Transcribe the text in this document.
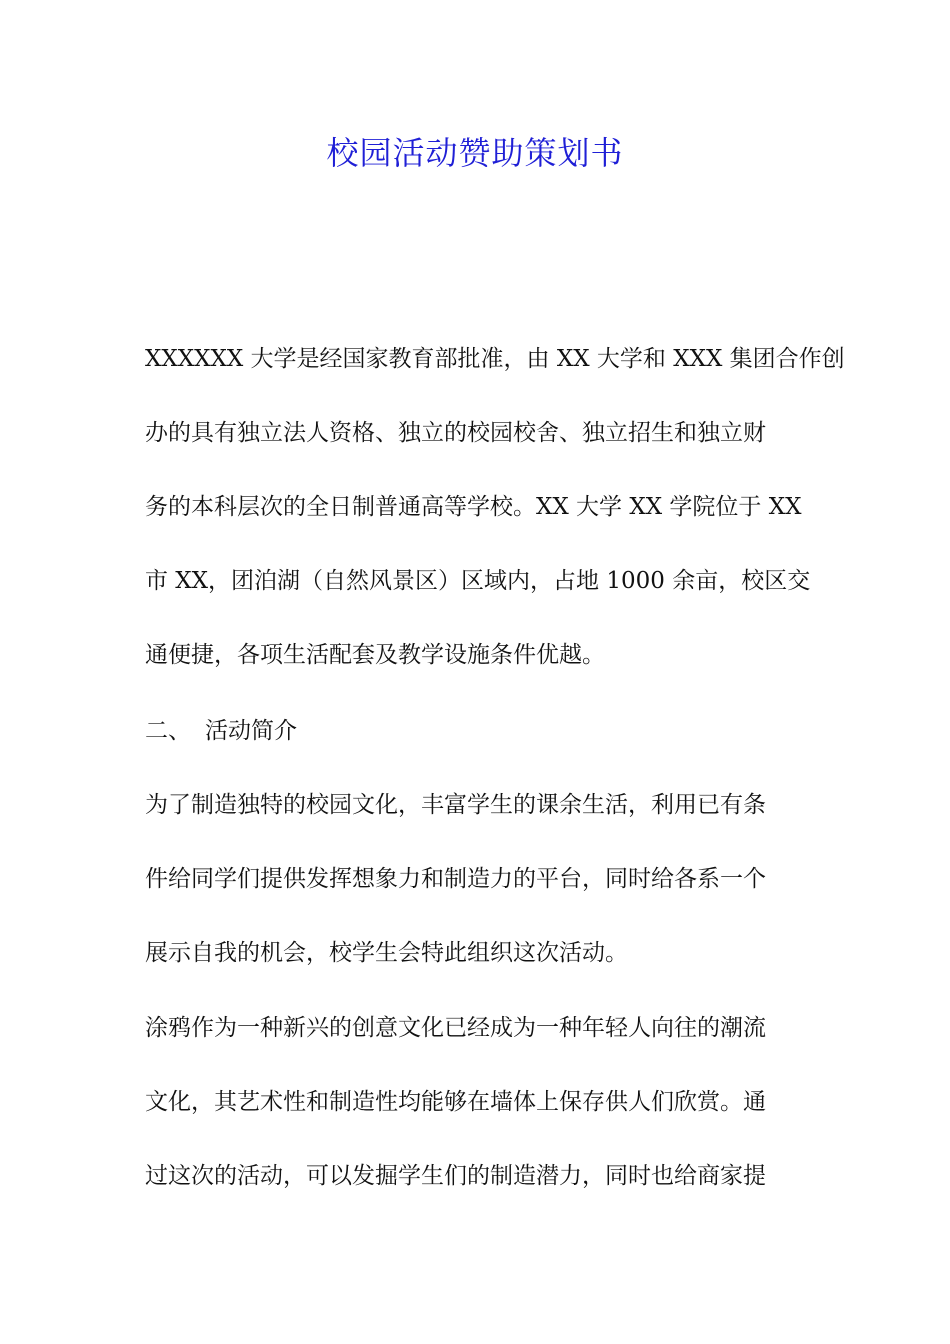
校园活动赞助策划书
XXXXXX 大学是经国家教育部批准，由 XX 大学和 XXX 集团合作创
办的具有独立法人资格、独立的校园校舍、独立招生和独立财
务的本科层次的全日制普通高等学校。XX 大学 XX 学院位于 XX
市 XX，团泊湖（自然风景区）区域内，占地 1000 余亩，校区交
通便捷，各项生活配套及教学设施条件优越。
二、 活动简介
为了制造独特的校园文化，丰富学生的课余生活，利用已有条
件给同学们提供发挥想象力和制造力的平台，同时给各系一个
展示自我的机会，校学生会特此组织这次活动。
涂鸦作为一种新兴的创意文化已经成为一种年轻人向往的潮流
文化，其艺术性和制造性均能够在墙体上保存供人们欣赏。通
过这次的活动，可以发掘学生们的制造潜力，同时也给商家提
